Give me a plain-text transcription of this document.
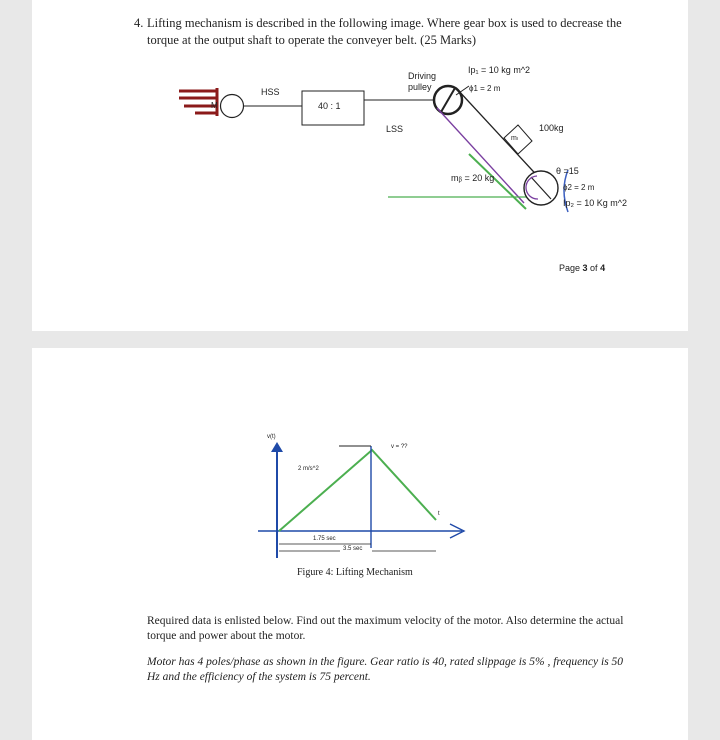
4. Lifting mechanism is described in the following image. Where gear box is used to decrease the torque at the output shaft to operate the conveyer belt. (25 Marks)

M

HSS

40 : 1

LSS

Driving pulley

Ip₁ = 10 kg m^2

ϕ1 = 2 m

mₗ

100kg

mᵦ = 20 kg

θ =15

ϕ2 = 2 m

Ip₂ = 10 Kg m^2

Page 3 of 4

v(t)

v = ??

2 m/s^2

t

1.75 sec

3.5 sec

Figure 4: Lifting Mechanism

Required data is enlisted below. Find out the maximum velocity of the motor. Also determine the actual torque and power about the motor.

Motor has 4 poles/phase as shown in the figure. Gear ratio is 40, rated slippage is 5% , frequency is 50 Hz and the efficiency of the system is 75 percent.
